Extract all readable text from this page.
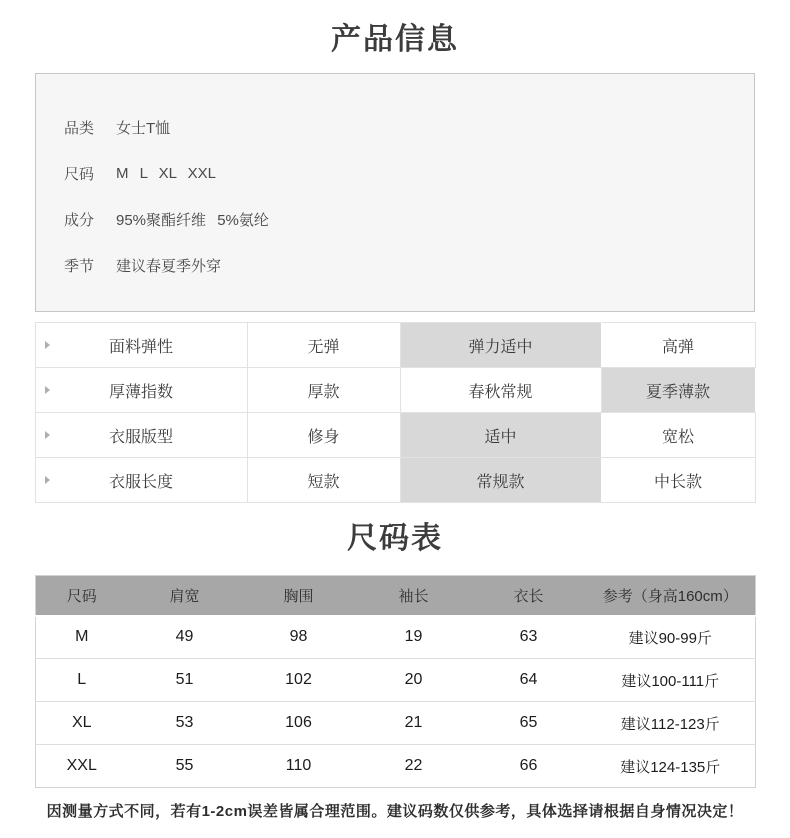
产品信息
品类	女士T恤
尺码	M L XL XXL
成分	95%聚酯纤维 5%氨纶
季节	建议春夏季外穿
面料弹性	无弹	弹力适中	高弹

厚薄指数	厚款	春秋常规	夏季薄款

衣服版型	修身	适中	宽松

衣服长度	短款	常规款	中长款
尺码表
尺码	肩宽	胸围	袖长	衣长	参考（身高160cm）
M	49	98	19	63	建议90-99斤
L	51	102	20	64	建议100-111斤
XL	53	106	21	65	建议112-123斤
XXL	55	110	22	66	建议124-135斤

因测量方式不同，若有1-2cm误差皆属合理范围。建议码数仅供参考，具体选择请根据自身情况决定！
